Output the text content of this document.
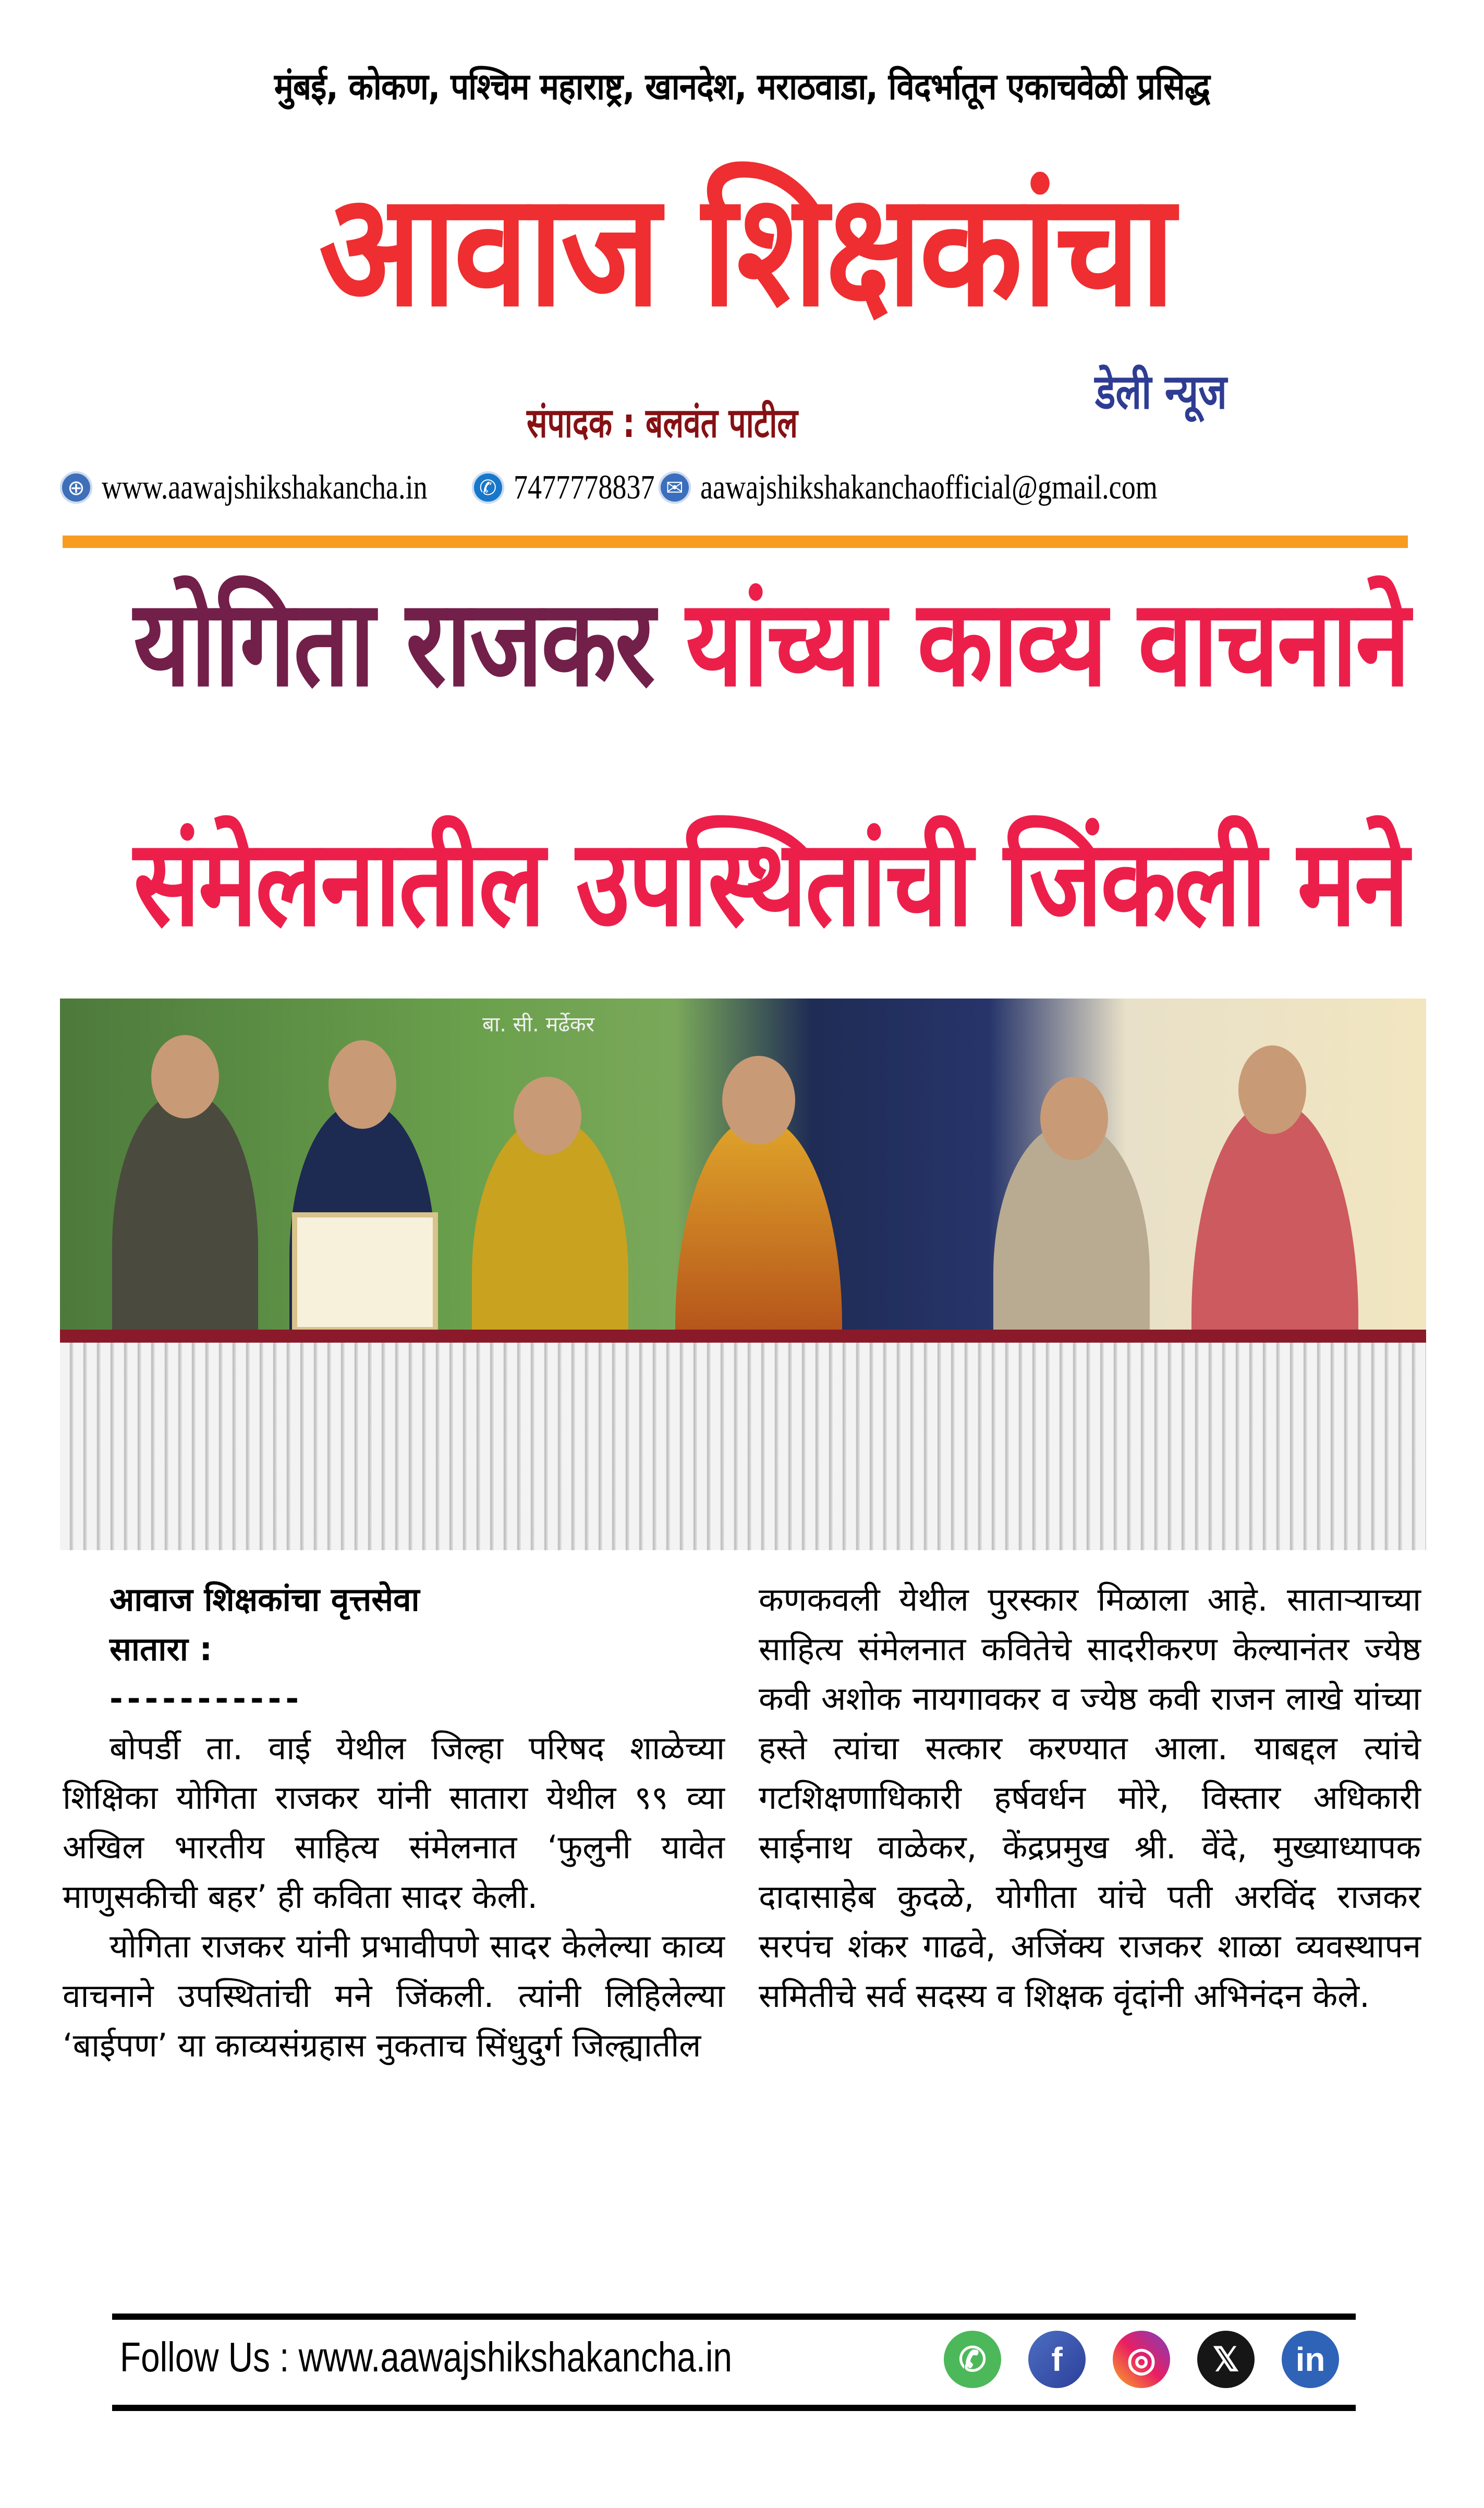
मुंबई, कोकण, पश्चिम महाराष्ट्र, खानदेश, मराठवाडा, विदर्भातून एकाचवेळी प्रसिद्ध
आवाज शिक्षकांचा
डेली न्यूज
संपादक : बलवंत पाटील
⊕ www.aawajshikshakancha.in	✆ 7477778837 ✉ aawajshikshakanchaofficial@gmail.com
योगिता राजकर यांच्या काव्य वाचनाने
संमेलनातील उपस्थितांची जिंकली मने
बा. सी. मर्ढेकर

आवाज शिक्षकांचा वृत्तसेवा

सातारा :

-----------

बोपर्डी ता. वाई येथील जिल्हा परिषद शाळेच्या शिक्षिका योगिता राजकर यांनी सातारा येथील ९९ व्या अखिल भारतीय साहित्य संमेलनात ‘फुलुनी यावेत माणुसकीची बहर’ ही कविता सादर केली.

योगिता राजकर यांनी प्रभावीपणे सादर केलेल्या काव्य वाचनाने उपस्थितांची मने जिंकली. त्यांनी लिहिलेल्या ‘बाईपण’ या काव्यसंग्रहास नुकताच सिंधुदुर्ग जिल्ह्यातील

कणकवली येथील पुरस्कार मिळाला आहे. साताऱ्याच्या साहित्य संमेलनात कवितेचे सादरीकरण केल्यानंतर ज्येष्ठ कवी अशोक नायगावकर व ज्येष्ठ कवी राजन लाखे यांच्या हस्ते त्यांचा सत्कार करण्यात आला. याबद्दल त्यांचे गटशिक्षणाधिकारी हर्षवर्धन मोरे, विस्तार अधिकारी साईनाथ वाळेकर, केंद्रप्रमुख श्री. वेंदे, मुख्याध्यापक दादासाहेब कुदळे, योगीता यांचे पती अरविंद राजकर सरपंच शंकर गाढवे, अजिंक्य राजकर शाळा व्यवस्थापन समितीचे सर्व सदस्य व शिक्षक वृंदांनी अभिनंदन केले.

Follow Us : www.aawajshikshakancha.in	✆	f	◎	𝕏	in
